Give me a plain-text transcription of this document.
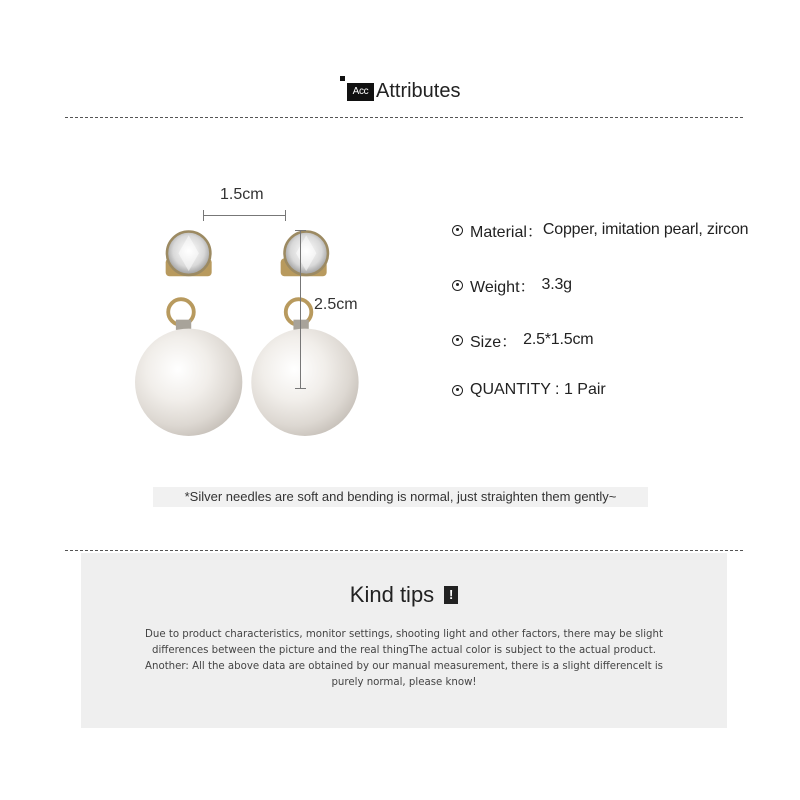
Acc Attributes
1.5cm
2.5cm
Material： Copper, imitation pearl, zircon
Weight： 3.3g
Size： 2.5*1.5cm
QUANTITY : 1 Pair
*Silver needles are soft and bending is normal, just straighten them gently~
Kind tips !
Due to product characteristics, monitor settings, shooting light and other factors, there may be slight
differences between the picture and the real thingThe actual color is subject to the actual product.
Another: All the above data are obtained by our manual measurement, there is a slight differenceIt is
purely normal, please know!
